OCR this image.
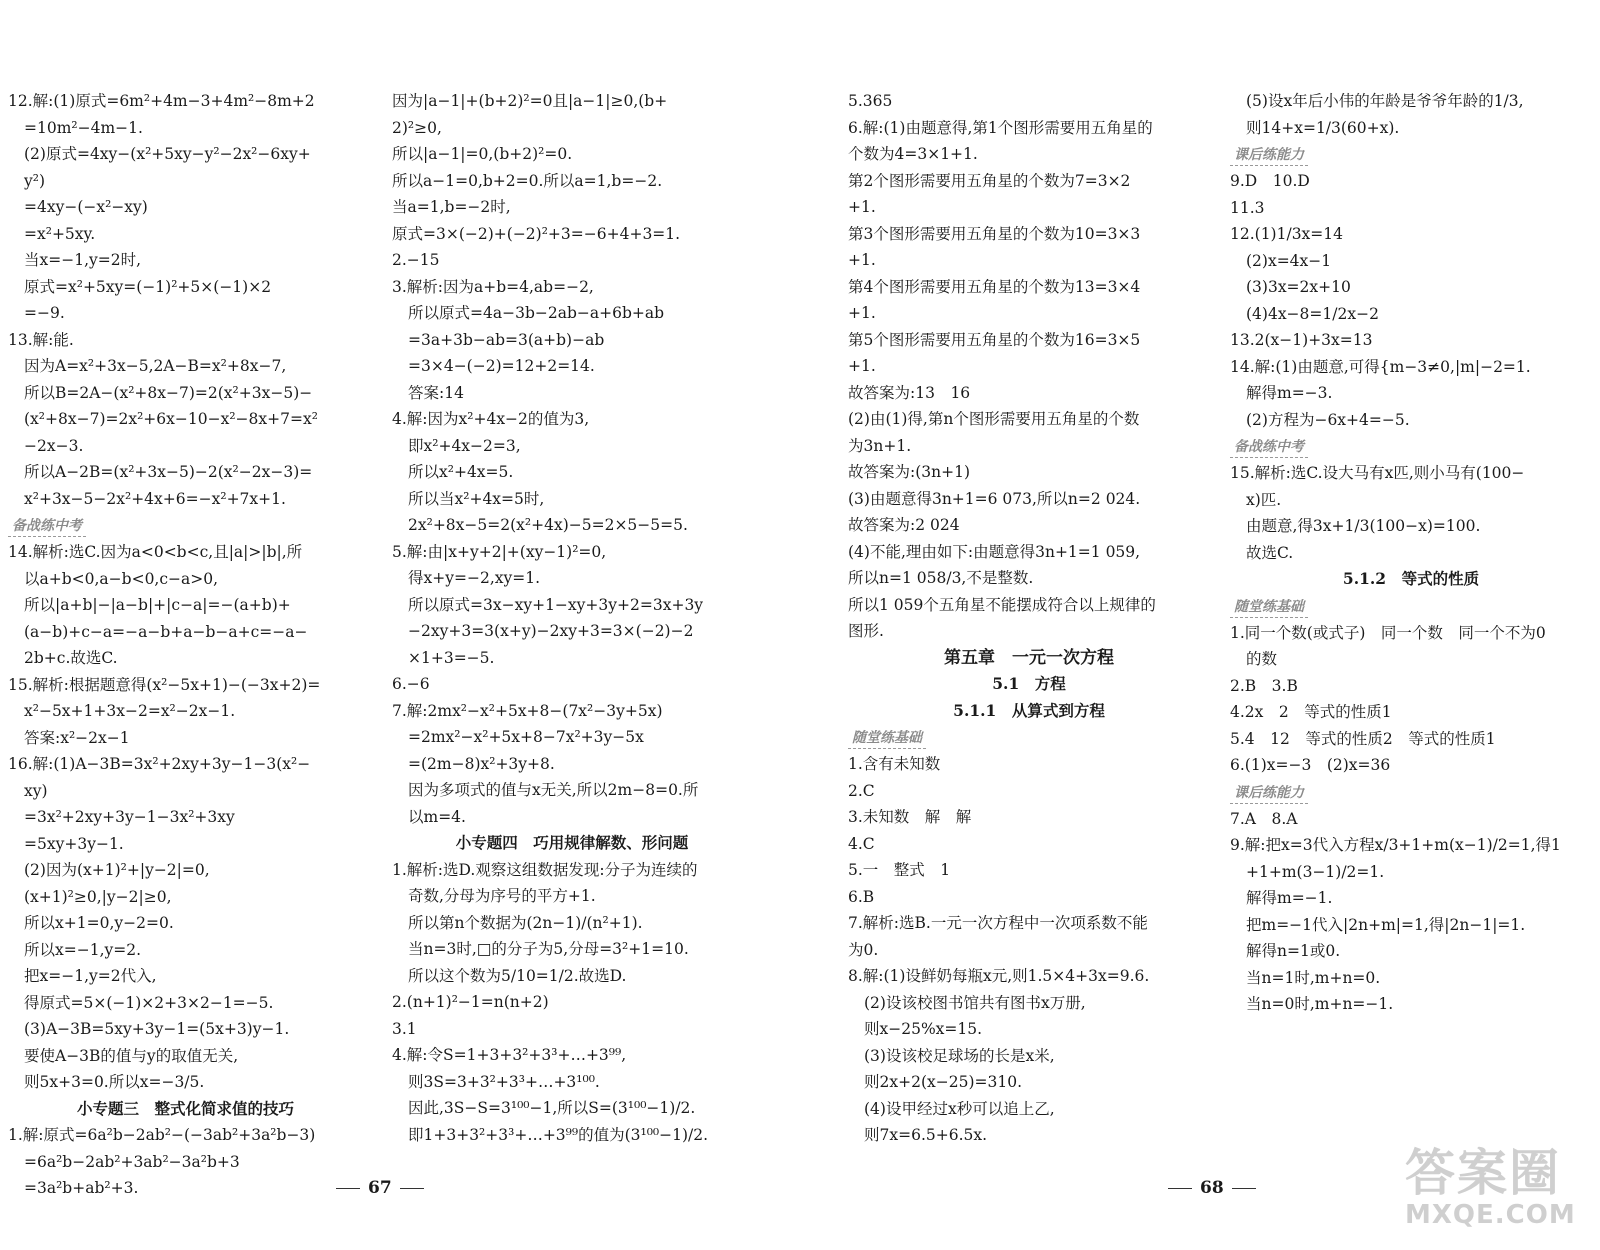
12.解:(1)原式=6m²+4m−3+4m²−8m+2
=10m²−4m−1.
(2)原式=4xy−(x²+5xy−y²−2x²−6xy+
y²)
=4xy−(−x²−xy)
=x²+5xy.
当x=−1,y=2时,
原式=x²+5xy=(−1)²+5×(−1)×2
=−9.
13.解:能.
因为A=x²+3x−5,2A−B=x²+8x−7,
所以B=2A−(x²+8x−7)=2(x²+3x−5)−
(x²+8x−7)=2x²+6x−10−x²−8x+7=x²
−2x−3.
所以A−2B=(x²+3x−5)−2(x²−2x−3)=
x²+3x−5−2x²+4x+6=−x²+7x+1.
备战练中考
14.解析:选C.因为a<0<b<c,且|a|>|b|,所
以a+b<0,a−b<0,c−a>0,
所以|a+b|−|a−b|+|c−a|=−(a+b)+
(a−b)+c−a=−a−b+a−b−a+c=−a−
2b+c.故选C.
15.解析:根据题意得(x²−5x+1)−(−3x+2)=
x²−5x+1+3x−2=x²−2x−1.
答案:x²−2x−1
16.解:(1)A−3B=3x²+2xy+3y−1−3(x²−
xy)
=3x²+2xy+3y−1−3x²+3xy
=5xy+3y−1.
(2)因为(x+1)²+|y−2|=0,
(x+1)²≥0,|y−2|≥0,
所以x+1=0,y−2=0.
所以x=−1,y=2.
把x=−1,y=2代入,
得原式=5×(−1)×2+3×2−1=−5.
(3)A−3B=5xy+3y−1=(5x+3)y−1.
要使A−3B的值与y的取值无关,
则5x+3=0.所以x=−3/5.
小专题三　整式化简求值的技巧
1.解:原式=6a²b−2ab²−(−3ab²+3a²b−3)
=6a²b−2ab²+3ab²−3a²b+3
=3a²b+ab²+3.
因为|a−1|+(b+2)²=0且|a−1|≥0,(b+
2)²≥0,
所以|a−1|=0,(b+2)²=0.
所以a−1=0,b+2=0.所以a=1,b=−2.
当a=1,b=−2时,
原式=3×(−2)+(−2)²+3=−6+4+3=1.
2.−15
3.解析:因为a+b=4,ab=−2,
所以原式=4a−3b−2ab−a+6b+ab
=3a+3b−ab=3(a+b)−ab
=3×4−(−2)=12+2=14.
答案:14
4.解:因为x²+4x−2的值为3,
即x²+4x−2=3,
所以x²+4x=5.
所以当x²+4x=5时,
2x²+8x−5=2(x²+4x)−5=2×5−5=5.
5.解:由|x+y+2|+(xy−1)²=0,
得x+y=−2,xy=1.
所以原式=3x−xy+1−xy+3y+2=3x+3y
−2xy+3=3(x+y)−2xy+3=3×(−2)−2
×1+3=−5.
6.−6
7.解:2mx²−x²+5x+8−(7x²−3y+5x)
=2mx²−x²+5x+8−7x²+3y−5x
=(2m−8)x²+3y+8.
因为多项式的值与x无关,所以2m−8=0.所
以m=4.
小专题四　巧用规律解数、形问题
1.解析:选D.观察这组数据发现:分子为连续的
奇数,分母为序号的平方+1.
所以第n个数据为(2n−1)/(n²+1).
当n=3时,□的分子为5,分母=3²+1=10.
所以这个数为5/10=1/2.故选D.
2.(n+1)²−1=n(n+2)
3.1
4.解:令S=1+3+3²+3³+…+3⁹⁹,
则3S=3+3²+3³+…+3¹⁰⁰.
因此,3S−S=3¹⁰⁰−1,所以S=(3¹⁰⁰−1)/2.
即1+3+3²+3³+…+3⁹⁹的值为(3¹⁰⁰−1)/2.
5.365
6.解:(1)由题意得,第1个图形需要用五角星的
个数为4=3×1+1.
第2个图形需要用五角星的个数为7=3×2
+1.
第3个图形需要用五角星的个数为10=3×3
+1.
第4个图形需要用五角星的个数为13=3×4
+1.
第5个图形需要用五角星的个数为16=3×5
+1.
故答案为:13　16
(2)由(1)得,第n个图形需要用五角星的个数
为3n+1.
故答案为:(3n+1)
(3)由题意得3n+1=6 073,所以n=2 024.
故答案为:2 024
(4)不能,理由如下:由题意得3n+1=1 059,
所以n=1 058/3,不是整数.
所以1 059个五角星不能摆成符合以上规律的
图形.
第五章　一元一次方程
5.1　方程
5.1.1　从算式到方程
随堂练基础
1.含有未知数
2.C
3.未知数　解　解
4.C
5.一　整式　1
6.B
7.解析:选B.一元一次方程中一次项系数不能
为0.
8.解:(1)设鲜奶每瓶x元,则1.5×4+3x=9.6.
(2)设该校图书馆共有图书x万册,
则x−25%x=15.
(3)设该校足球场的长是x米,
则2x+2(x−25)=310.
(4)设甲经过x秒可以追上乙,
则7x=6.5+6.5x.
(5)设x年后小伟的年龄是爷爷年龄的1/3,
则14+x=1/3(60+x).
课后练能力
9.D　10.D
11.3
12.(1)1/3x=14
(2)x=4x−1
(3)3x=2x+10
(4)4x−8=1/2x−2
13.2(x−1)+3x=13
14.解:(1)由题意,可得{m−3≠0,|m|−2=1.
解得m=−3.
(2)方程为−6x+4=−5.
备战练中考
15.解析:选C.设大马有x匹,则小马有(100−
x)匹.
由题意,得3x+1/3(100−x)=100.
故选C.
5.1.2　等式的性质
随堂练基础
1.同一个数(或式子)　同一个数　同一个不为0
的数
2.B　3.B
4.2x　2　等式的性质1
5.4　12　等式的性质2　等式的性质1
6.(1)x=−3　(2)x=36
课后练能力
7.A　8.A
9.解:把x=3代入方程x/3+1+m(x−1)/2=1,得1
+1+m(3−1)/2=1.
解得m=−1.
把m=−1代入|2n+m|=1,得|2n−1|=1.
解得n=1或0.
当n=1时,m+n=0.
当n=0时,m+n=−1.
67	68	答案圈
MXQE.COM
